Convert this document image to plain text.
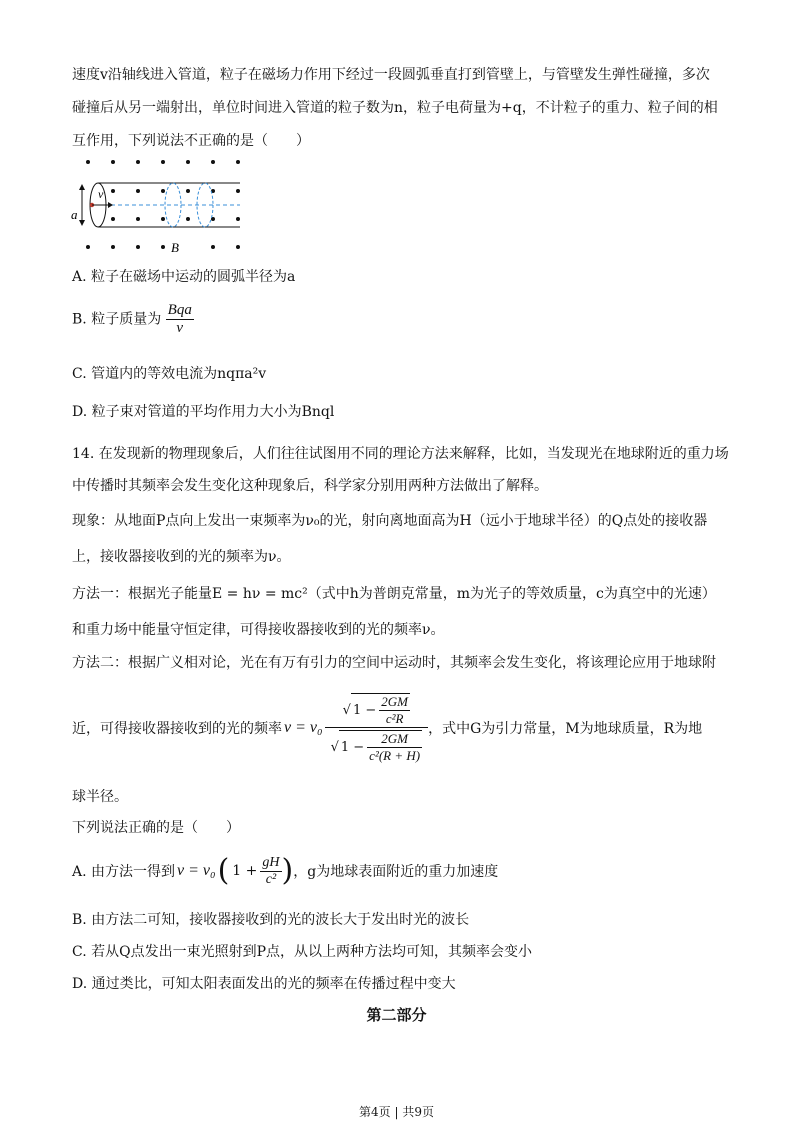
速度v沿轴线进入管道，粒子在磁场力作用下经过一段圆弧垂直打到管壁上，与管壁发生弹性碰撞，多次
碰撞后从另一端射出，单位时间进入管道的粒子数为n，粒子电荷量为+q，不计粒子的重力、粒子间的相
互作用，下列说法不正确的是（　　）
v
a
B
A. 粒子在磁场中运动的圆弧半径为a
B. 粒子质量为 $\frac{\text{Bqa}}{v}$
C. 管道内的等效电流为nqπa²v
D. 粒子束对管道的平均作用力大小为Bnql
14. 在发现新的物理现象后，人们往往试图用不同的理论方法来解释，比如，当发现光在地球附近的重力场
中传播时其频率会发生变化这种现象后，科学家分别用两种方法做出了解释。
现象：从地面P点向上发出一束频率为ν₀的光，射向离地面高为H（远小于地球半径）的Q点处的接收器
上，接收器接收到的光的频率为ν。
方法一：根据光子能量E = hν = mc²（式中h为普朗克常量，m为光子的等效质量，c为真空中的光速）
和重力场中能量守恒定律，可得接收器接收到的光的频率ν。
方法二：根据广义相对论，光在有万有引力的空间中运动时，其频率会发生变化，将该理论应用于地球附
近，可得接收器接收到的光的频率 $\nu = \nu_0 \frac{√ 1 - \frac{2GM}{\text{c²R}}}{√ 1 - \frac{2GM}{\text{c²(R + H)}}}$ ，式中G为引力常量，M为地球质量，R为地
球半径。
下列说法正确的是（　　）
A. 由方法一得到 ν = ν₀ ( $1 + \frac{gH}{\text{c²}}$ ) ，g为地球表面附近的重力加速度
B. 由方法二可知，接收器接收到的光的波长大于发出时光的波长
C. 若从Q点发出一束光照射到P点，从以上两种方法均可知，其频率会变小
D. 通过类比，可知太阳表面发出的光的频率在传播过程中变大
第二部分
第4页 | 共9页
